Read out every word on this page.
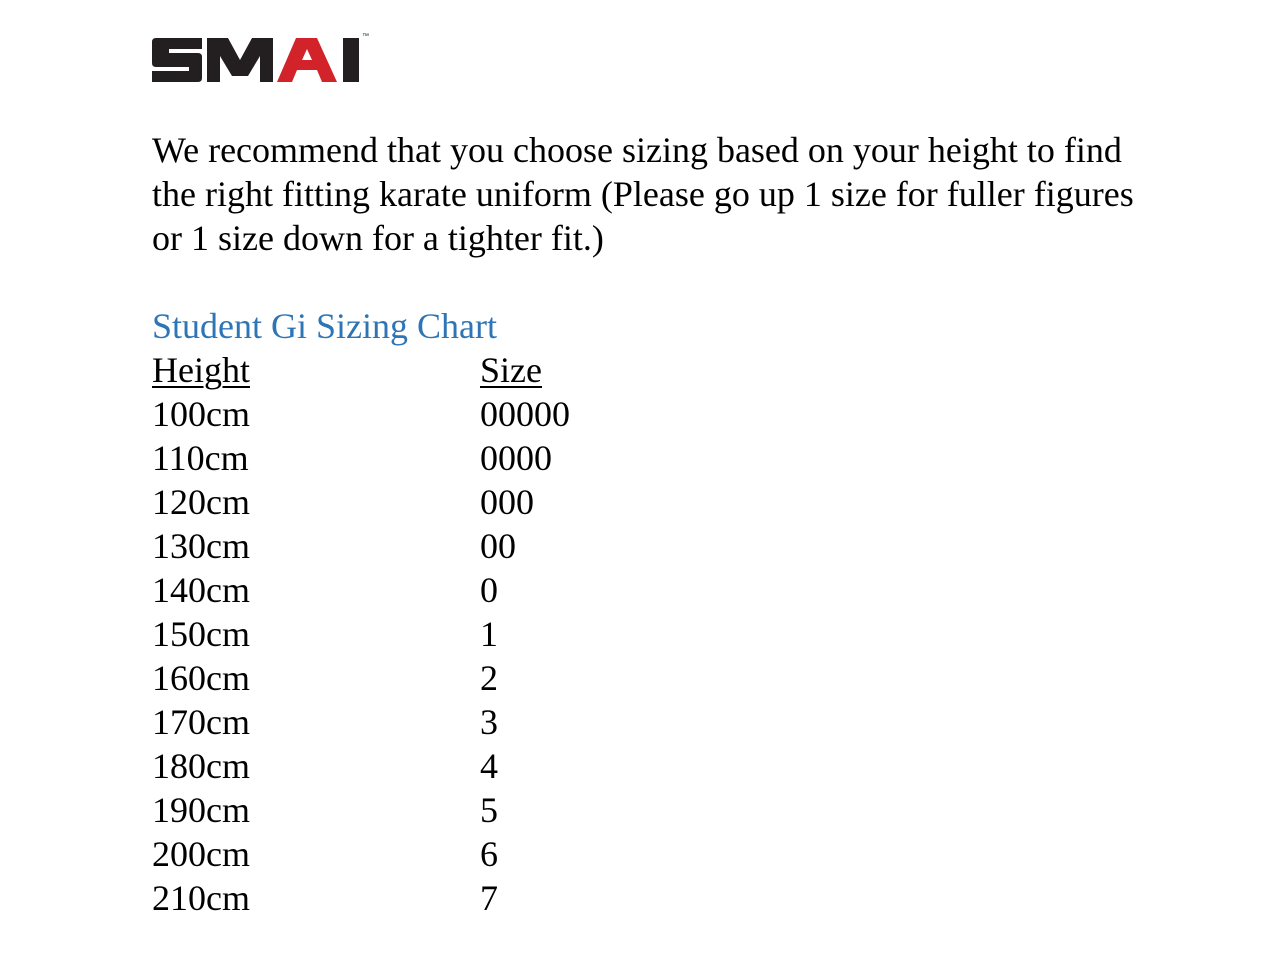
™

We recommend that you choose sizing based on your height to find the right fitting karate uniform (Please go up 1 size for fuller figures or 1 size down for a tighter fit.)

Student Gi Sizing Chart
Height	Size
100cm	00000
110cm	0000
120cm	000
130cm	00
140cm	0
150cm	1
160cm	2
170cm	3
180cm	4
190cm	5
200cm	6
210cm	7
